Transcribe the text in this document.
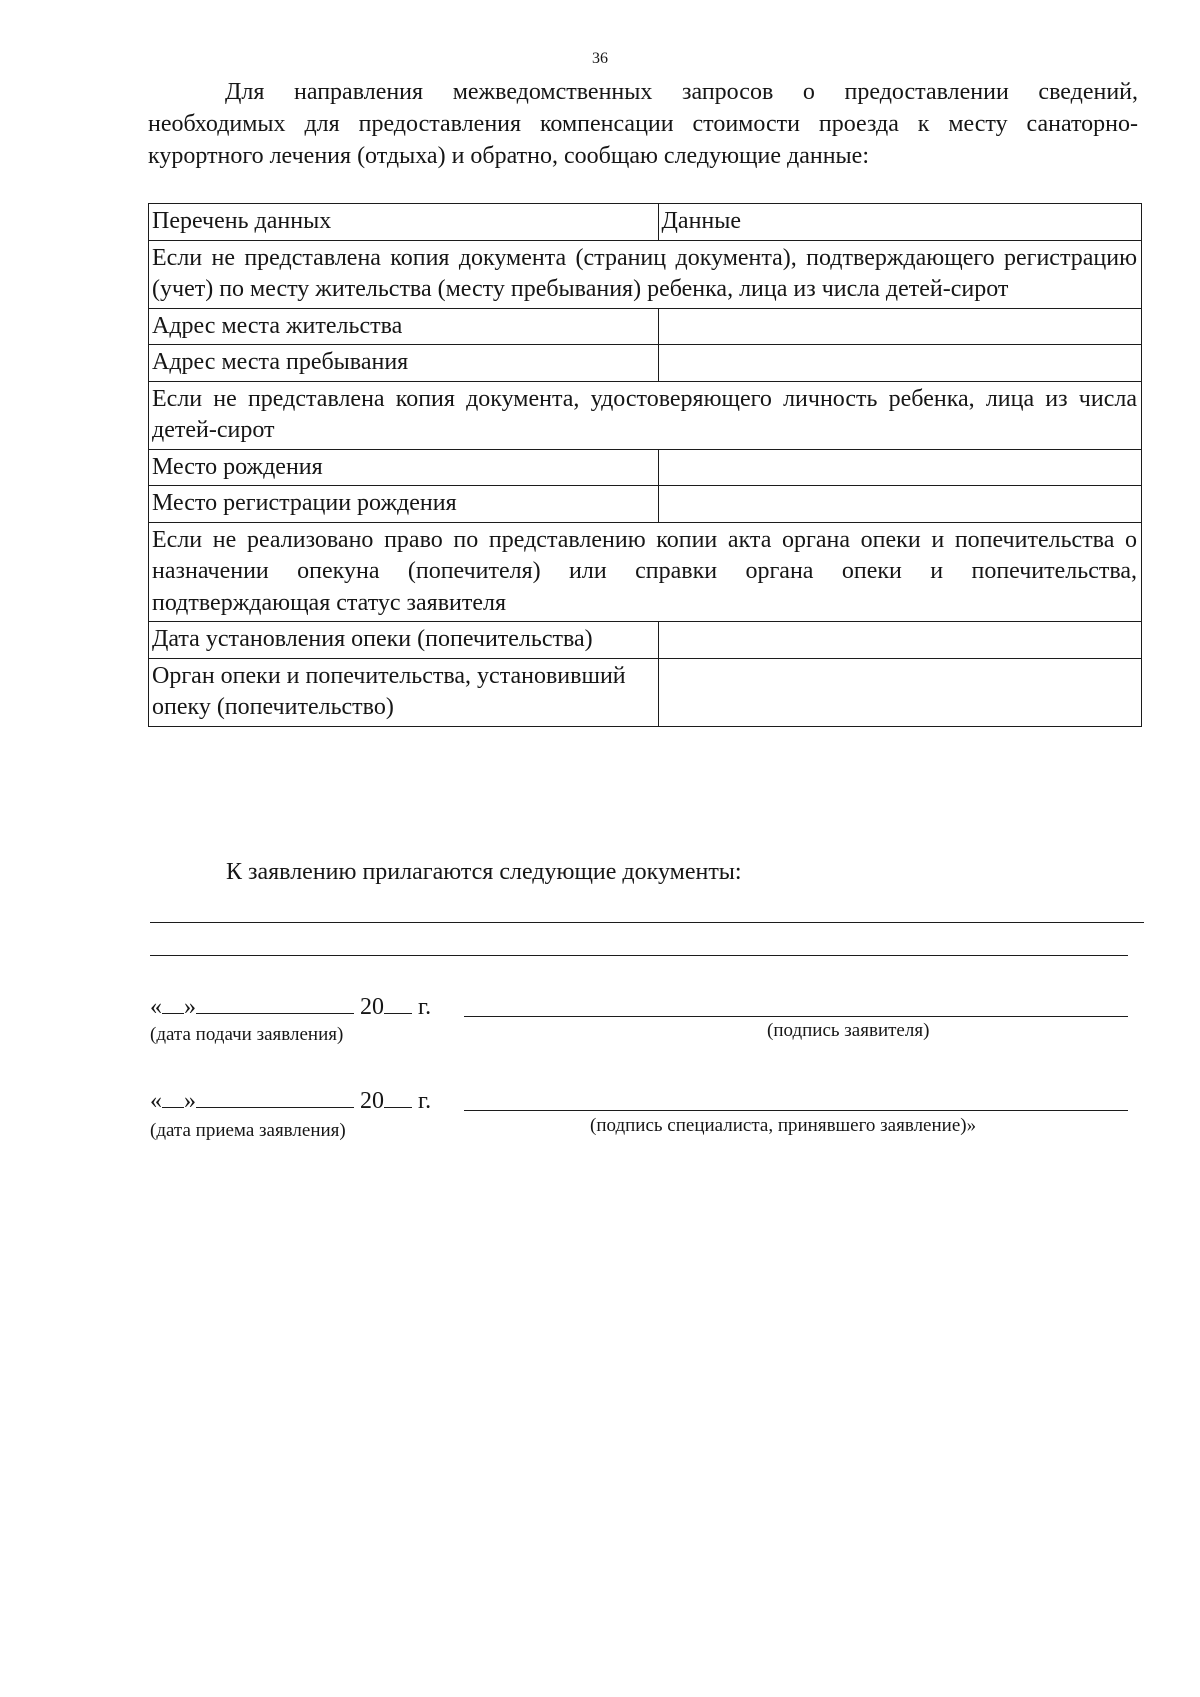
36

Для направления межведомственных запросов о предоставлении сведений, необходимых для предоставления компенсации стоимости проезда к месту санаторно-курортного лечения (отдыха) и обратно, сообщаю следующие данные:

Перечень данных	Данные
Если не представлена копия документа (страниц документа), подтверждающего регистрацию (учет) по месту жительства (месту пребывания) ребенка, лица из числа детей-сирот	
Адрес места жительства	
Адрес места пребывания	
Если не представлена копия документа, удостоверяющего личность ребенка, лица из числа детей-сирот	
Место рождения	
Место регистрации рождения	
Если не реализовано право по представлению копии акта органа опеки и попечительства о назначении опекуна (попечителя) или справки органа опеки и попечительства, подтверждающая статус заявителя	
Дата установления опеки (попечительства)	
Орган опеки и попечительства, установивший опеку (попечительство)	
К заявлению прилагаются следующие документы:
« »	20 г.
(дата подачи заявления)	(подпись заявителя)
« »	20 г.
(дата приема заявления)	(подпись специалиста, принявшего заявление)»
